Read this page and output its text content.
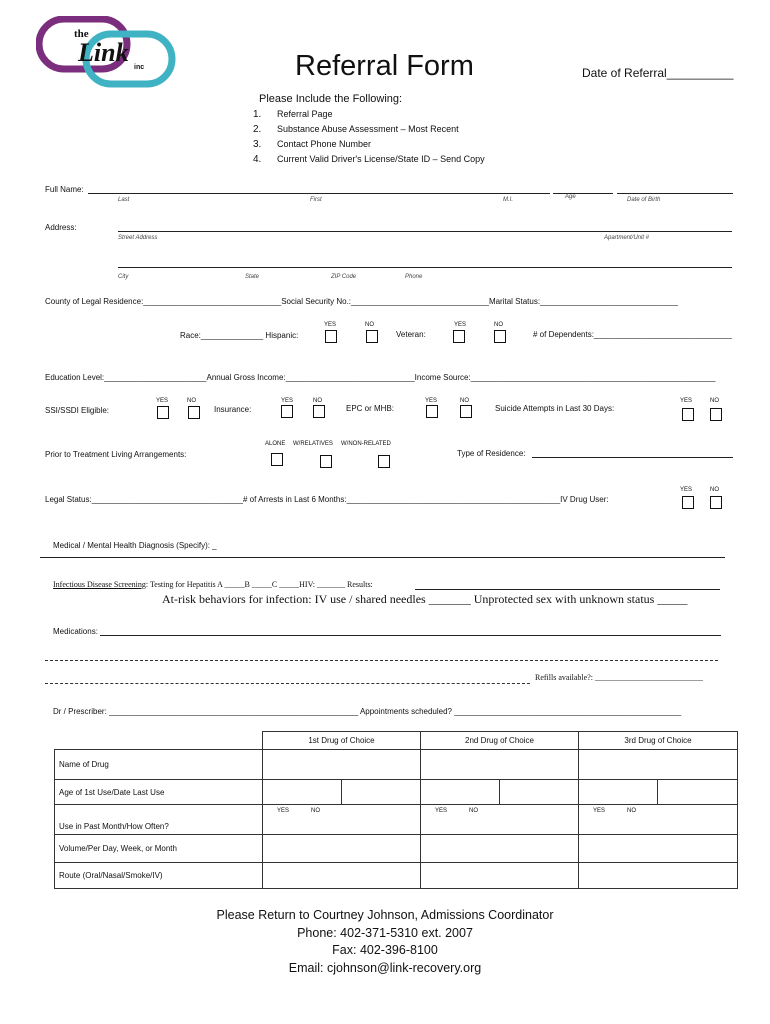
the
Link
inc	Referral Form	Date of Referral__________
Please Include the Following:
1. Referral Page
2. Substance Abuse Assessment – Most Recent
3. Contact Phone Number
4. Current Valid Driver's License/State ID – Send Copy
Full Name:
Last	First	M.I.	Age	Date of Birth
Address:
Street Address	Apartment/Unit #
City	State	ZIP Code	Phone
County of Legal Residence:_______________________________Social Security No.:_______________________________Marital Status:_______________________________
Race:______________ Hispanic:
YES	NO
Veteran:
YES	NO
# of Dependents:_______________________________
Education Level:_______________________Annual Gross Income:_____________________________Income Source:_______________________________________________________
SSI/SSDI Eligible:
YES	NO
Insurance:
YES	NO
EPC or MHB:
YES	NO
Suicide Attempts in Last 30 Days:
YES	NO
Prior to Treatment Living Arrangements:
ALONE W/RELATIVES W/NON-RELATED
Type of Residence:
Legal Status:__________________________________# of Arrests in Last 6 Months:________________________________________________IV Drug User:
YES	NO
Medical / Mental Health Diagnosis (Specify): _
Infectious Disease Screening: Testing for Hepatitis A _____B _____C _____HIV: _______ Results:
At-risk behaviors for infection: IV use / shared needles _______ Unprotected sex with unknown status _____
Medications:
Refills available?: ___________________________
Dr / Prescriber: ________________________________________________________ Appointments scheduled? ___________________________________________________
	1st Drug of Choice		2nd Drug of Choice		3rd Drug of Choice	
Name of Drug						
Age of 1st Use/Date Last Use						
Use in Past Month/How Often?	YES NO		YES NO		YES NO	
Volume/Per Day, Week, or Month						
Route (Oral/Nasal/Smoke/IV)						
Please Return to Courtney Johnson, Admissions Coordinator
Phone: 402-371-5310 ext. 2007
Fax: 402-396-8100
Email: cjohnson@link-recovery.org
